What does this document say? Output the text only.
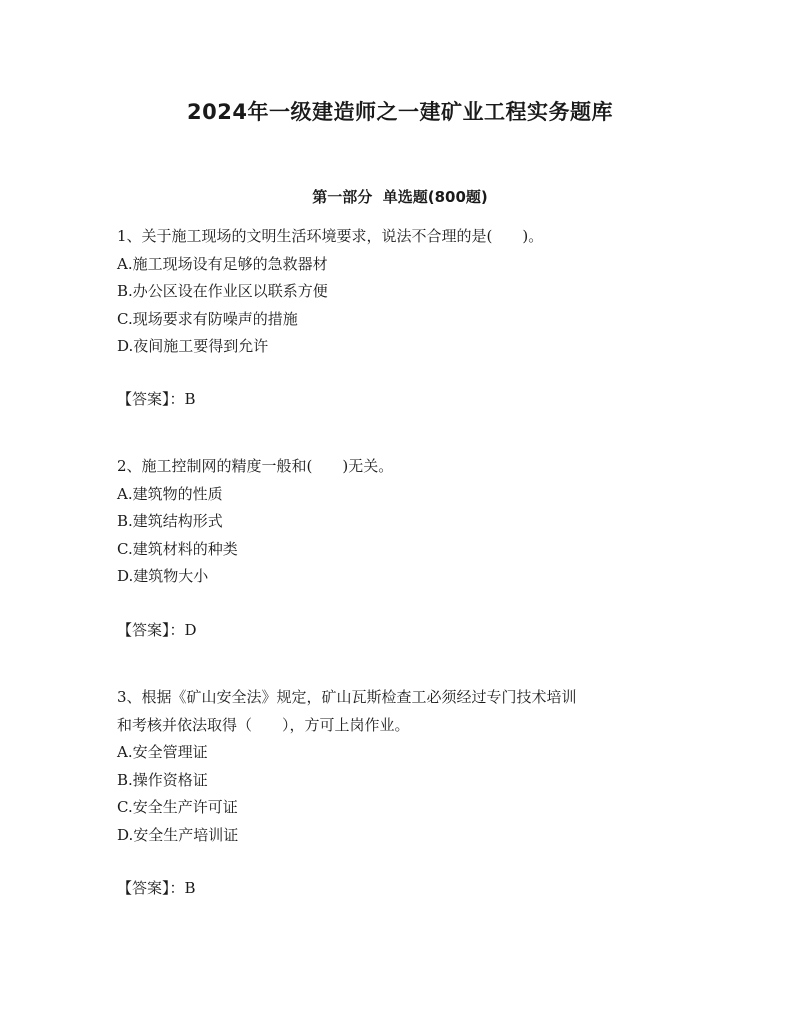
2024年一级建造师之一建矿业工程实务题库
第一部分  单选题(800题)
1、关于施工现场的文明生活环境要求，说法不合理的是(　　)。
A.施工现场设有足够的急救器材
B.办公区设在作业区以联系方便
C.现场要求有防噪声的措施
D.夜间施工要得到允许
【答案】：B
2、施工控制网的精度一般和(　　)无关。
A.建筑物的性质
B.建筑结构形式
C.建筑材料的种类
D.建筑物大小
【答案】：D
3、根据《矿山安全法》规定，矿山瓦斯检查工必须经过专门技术培训
和考核并依法取得（　　），方可上岗作业。
A.安全管理证
B.操作资格证
C.安全生产许可证
D.安全生产培训证
【答案】：B
